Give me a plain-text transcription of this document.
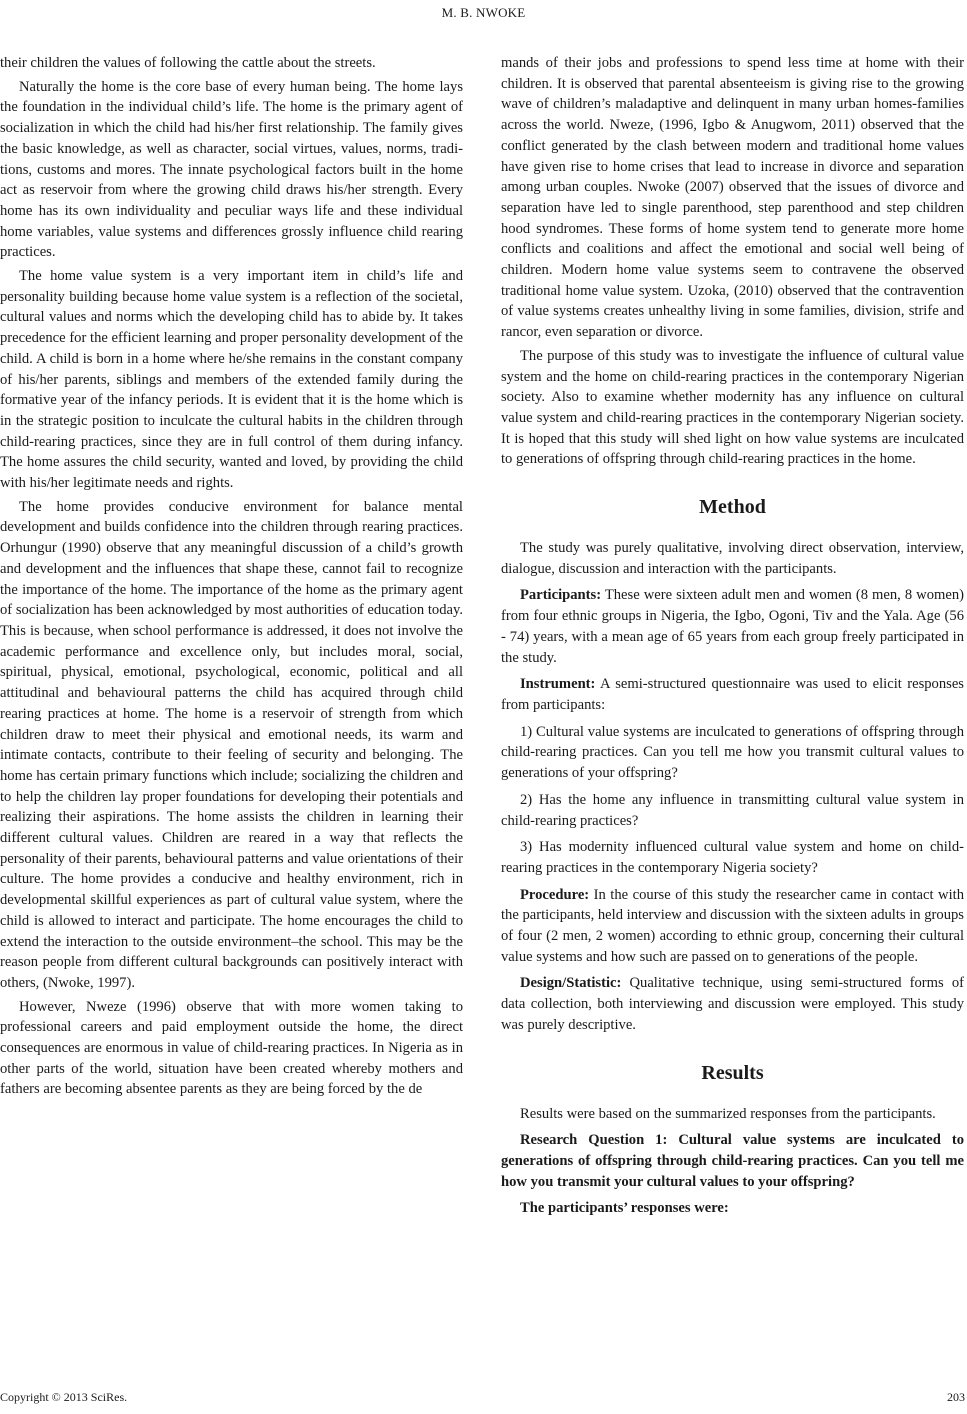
M. B. NWOKE

their children the values of following the cattle about the streets.

Naturally the home is the core base of every human being. The home lays the foundation in the individual child’s life. The home is the primary agent of socialization in which the child had his/her first relationship. The family gives the basic knowledge, as well as character, social virtues, values, norms, traditions, customs and mores. The innate psychological factors built in the home act as reservoir from where the growing child draws his/her strength. Every home has its own individuality and peculiar ways life and these individual home variables, value systems and differences grossly influence child rearing practices.

The home value system is a very important item in child’s life and personality building because home value system is a reflection of the societal, cultural values and norms which the developing child has to abide by. It takes precedence for the efficient learning and proper personality development of the child. A child is born in a home where he/she remains in the constant company of his/her parents, siblings and members of the extended family during the formative year of the infancy periods. It is evident that it is the home which is in the strategic position to inculcate the cultural habits in the children through child-rearing practices, since they are in full control of them during infancy. The home assures the child security, wanted and loved, by providing the child with his/her legitimate needs and rights.

The home provides conducive environment for balance mental development and builds confidence into the children through rearing practices. Orhungur (1990) observe that any meaningful discussion of a child’s growth and development and the influences that shape these, cannot fail to recognize the importance of the home. The importance of the home as the primary agent of socialization has been acknowledged by most authorities of education today. This is because, when school performance is addressed, it does not involve the academic performance and excellence only, but includes moral, social, spiritual, physical, emotional, psychological, economic, political and all attitudinal and behavioural patterns the child has acquired through child rearing practices at home. The home is a reservoir of strength from which children draw to meet their physical and emotional needs, its warm and intimate contacts, contribute to their feeling of security and belonging. The home has certain primary functions which include; socializing the children and to help the children lay proper foundations for developing their potentials and realizing their aspirations. The home assists the children in learning their different cultural values. Children are reared in a way that reflects the personality of their parents, behavioural patterns and value orientations of their culture. The home provides a conducive and healthy environment, rich in developmental skillful experiences as part of cultural value system, where the child is allowed to interact and participate. The home encourages the child to extend the interaction to the outside environment–the school. This may be the reason people from different cultural backgrounds can positively interact with others, (Nwoke, 1997).

However, Nweze (1996) observe that with more women taking to professional careers and paid employment outside the home, the direct consequences are enormous in value of child-rearing practices. In Nigeria as in other parts of the world, situation have been created whereby mothers and fathers are becoming absentee parents as they are being forced by the de

mands of their jobs and professions to spend less time at home with their children. It is observed that parental absenteeism is giving rise to the growing wave of children’s maladaptive and delinquent in many urban homes-families across the world. Nweze, (1996, Igbo & Anugwom, 2011) observed that the conflict generated by the clash between modern and traditional home values have given rise to home crises that lead to increase in divorce and separation among urban couples. Nwoke (2007) observed that the issues of divorce and separation have led to single parenthood, step parenthood and step children hood syndromes. These forms of home system tend to generate more home conflicts and coalitions and affect the emotional and social well being of children. Modern home value systems seem to contravene the observed traditional home value system. Uzoka, (2010) observed that the contravention of value systems creates unhealthy living in some families, division, strife and rancor, even separation or divorce.

The purpose of this study was to investigate the influence of cultural value system and the home on child-rearing practices in the contemporary Nigerian society. Also to examine whether modernity has any influence on cultural value system and child-rearing practices in the contemporary Nigerian society. It is hoped that this study will shed light on how value systems are inculcated to generations of offspring through child-rearing practices in the home.

Method

The study was purely qualitative, involving direct observation, interview, dialogue, discussion and interaction with the participants.

Participants: These were sixteen adult men and women (8 men, 8 women) from four ethnic groups in Nigeria, the Igbo, Ogoni, Tiv and the Yala. Age (56 - 74) years, with a mean age of 65 years from each group freely participated in the study.

Instrument: A semi-structured questionnaire was used to elicit responses from participants:

1) Cultural value systems are inculcated to generations of offspring through child-rearing practices. Can you tell me how you transmit cultural values to generations of your offspring?

2) Has the home any influence in transmitting cultural value system in child-rearing practices?

3) Has modernity influenced cultural value system and home on child-rearing practices in the contemporary Nigeria society?

Procedure: In the course of this study the researcher came in contact with the participants, held interview and discussion with the sixteen adults in groups of four (2 men, 2 women) according to ethnic group, concerning their cultural value systems and how such are passed on to generations of the people.

Design/Statistic: Qualitative technique, using semi-structured forms of data collection, both interviewing and discussion were employed. This study was purely descriptive.

Results

Results were based on the summarized responses from the participants.

Research Question 1: Cultural value systems are inculcated to generations of offspring through child-rearing practices. Can you tell me how you transmit your cultural values to your offspring?

The participants’ responses were:

Copyright © 2013 SciRes.	203
